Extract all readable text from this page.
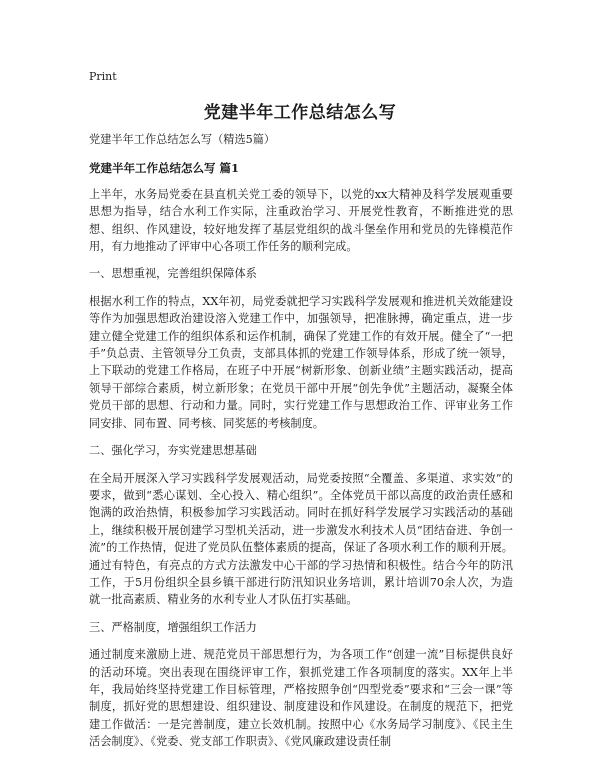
Print
党建半年工作总结怎么写

党建半年工作总结怎么写（精选5篇）

党建半年工作总结怎么写 篇1

上半年，水务局党委在县直机关党工委的领导下，以党的xx大精神及科学发展观重要思想为指导，结合水利工作实际，注重政治学习、开展党性教育，不断推进党的思想、组织、作风建设，较好地发挥了基层党组织的战斗堡垒作用和党员的先锋模范作用，有力地推动了评审中心各项工作任务的顺利完成。

一、思想重视，完善组织保障体系

根据水利工作的特点，XX年初，局党委就把学习实践科学发展观和推进机关效能建设等作为加强思想政治建设溶入党建工作中，加强领导，把准脉搏，确定重点，进一步建立健全党建工作的组织体系和运作机制，确保了党建工作的有效开展。健全了“一把手”负总责、主管领导分工负责，支部具体抓的党建工作领导体系，形成了统一领导，上下联动的党建工作格局，在班子中开展“树新形象、创新业绩”主题实践活动，提高领导干部综合素质，树立新形象；在党员干部中开展“创先争优”主题活动，凝聚全体党员干部的思想、行动和力量。同时，实行党建工作与思想政治工作、评审业务工作同安排、同布置、同考核、同奖惩的考核制度。

二、强化学习，夯实党建思想基础

在全局开展深入学习实践科学发展观活动，局党委按照“全覆盖、多渠道、求实效”的要求，做到“悉心谋划、全心投入、精心组织”。全体党员干部以高度的政治责任感和饱满的政治热情，积极参加学习实践活动。同时在抓好科学发展学习实践活动的基础上，继续积极开展创建学习型机关活动，进一步激发水利技术人员“团结奋进、争创一流”的工作热情，促进了党员队伍整体素质的提高，保证了各项水利工作的顺利开展。通过有特色，有亮点的方式方法激发中心干部的学习热情和积极性。结合今年的防汛工作，于5月份组织全县乡镇干部进行防汛知识业务培训，累计培训70余人次，为造就一批高素质、精业务的水利专业人才队伍打实基础。

三、严格制度，增强组织工作活力

通过制度来激励上进、规范党员干部思想行为，为各项工作“创建一流”目标提供良好的活动环境。突出表现在围绕评审工作，狠抓党建工作各项制度的落实。XX年上半年，我局始终坚持党建工作目标管理，严格按照争创“四型党委”要求和“三会一课”等制度，抓好党的思想建设、组织建设、制度建设和作风建设。在制度的规范下，把党建工作做活：一是完善制度，建立长效机制。按照中心《水务局学习制度》、《民主生活会制度》、《党委、党支部工作职责》、《党风廉政建设责任制
